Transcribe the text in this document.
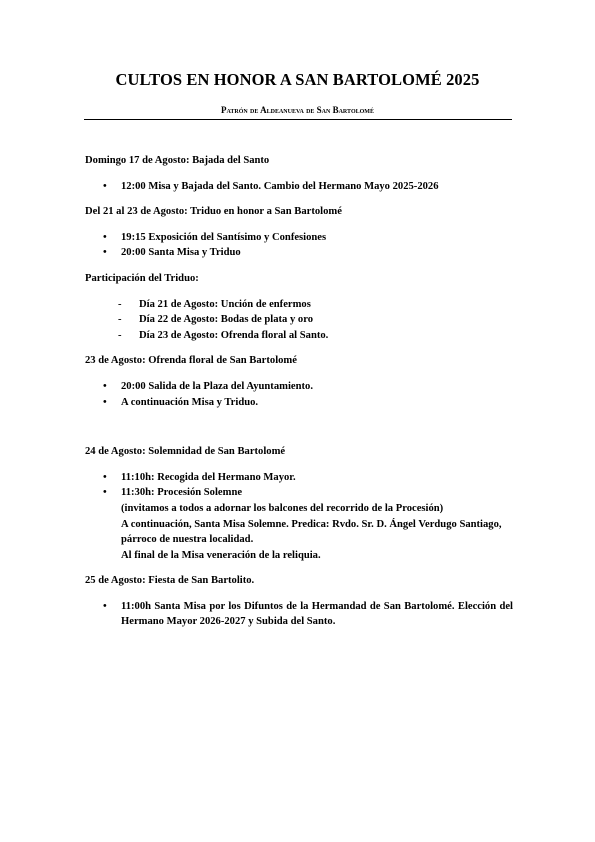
CULTOS EN HONOR A SAN BARTOLOMÉ 2025
Patrón de Aldeanueva de San Bartolomé

Domingo 17 de Agosto: Bajada del Santo

• 12:00 Misa y Bajada del Santo. Cambio del Hermano Mayo 2025-2026

Del 21 al 23 de Agosto: Triduo en honor a San Bartolomé

• 19:15 Exposición del Santísimo y Confesiones
• 20:00 Santa Misa y Triduo

Participación del Triduo:

- Día 21 de Agosto: Unción de enfermos
- Día 22 de Agosto: Bodas de plata y oro
- Día 23 de Agosto: Ofrenda floral al Santo.

23 de Agosto: Ofrenda floral de San Bartolomé

• 20:00 Salida de la Plaza del Ayuntamiento.
• A continuación Misa y Triduo.

24 de Agosto: Solemnidad de San Bartolomé

• 11:10h: Recogida del Hermano Mayor.
• 11:30h: Procesión Solemne
(invitamos a todos a adornar los balcones del recorrido de la Procesión)
A continuación, Santa Misa Solemne. Predica: Rvdo. Sr. D. Ángel Verdugo Santiago, párroco de nuestra localidad.
Al final de la Misa veneración de la reliquia.

25 de Agosto: Fiesta de San Bartolito.

• 11:00h Santa Misa por los Difuntos de la Hermandad de San Bartolomé. Elección del Hermano Mayor 2026-2027 y Subida del Santo.
